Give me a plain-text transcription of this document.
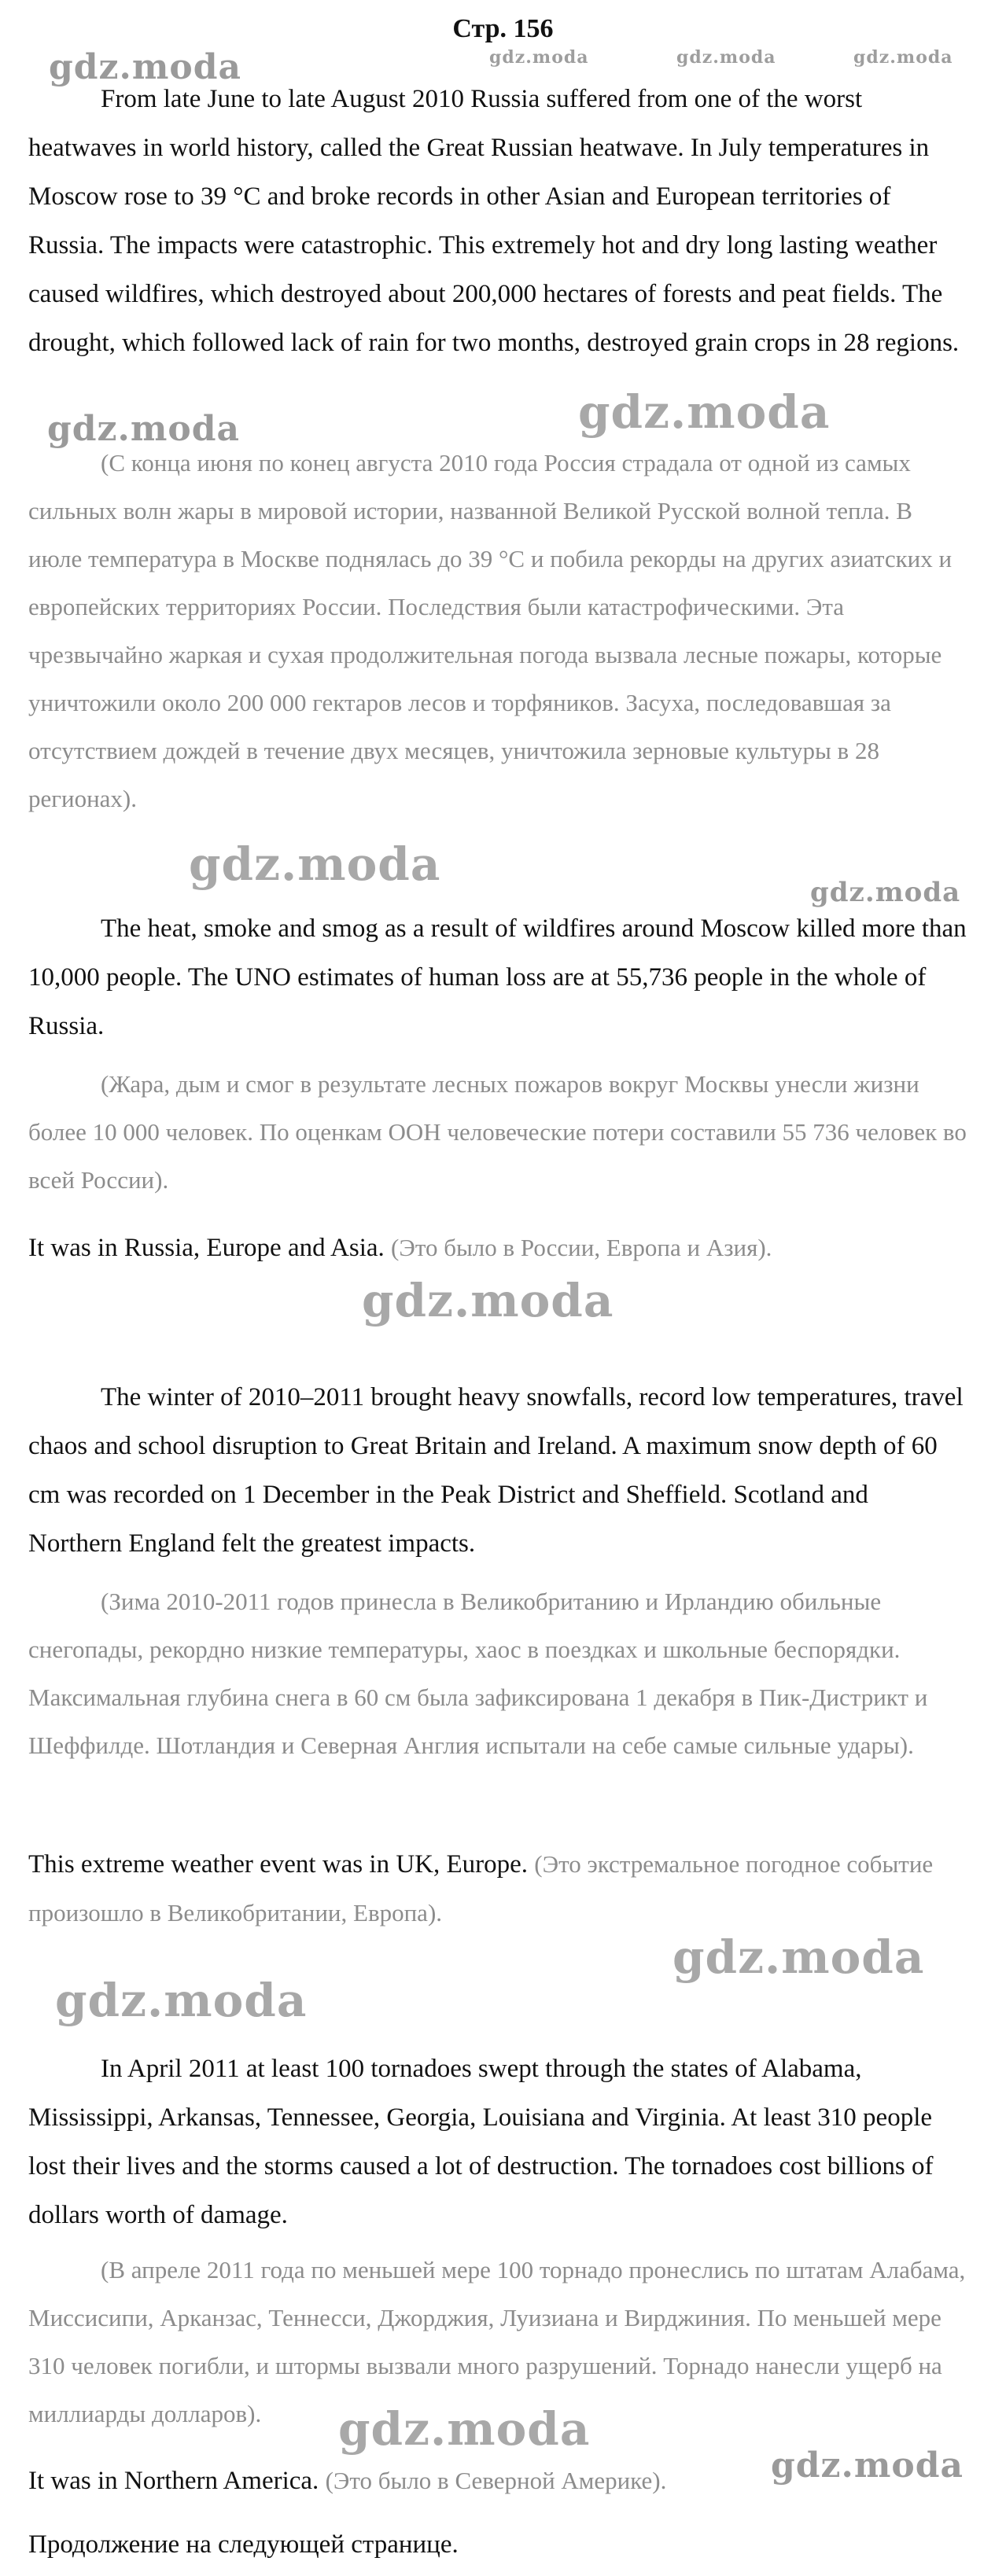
Стр. 156
gdz.moda	gdz.moda	gdz.moda	gdz.moda
gdz.moda
gdz.moda
gdz.moda
gdz.moda
gdz.moda
gdz.moda
gdz.moda
gdz.moda
gdz.moda

From late June to late August 2010 Russia suffered from one of the worst heatwaves in world history, called the Great Russian heatwave. In July temperatures in Moscow rose to 39 °C and broke records in other Asian and European territories of Russia. The impacts were catastrophic. This extremely hot and dry long lasting weather caused wildfires, which destroyed about 200,000 hectares of forests and peat fields. The drought, which followed lack of rain for two months, destroyed grain crops in 28 regions.

(С конца июня по конец августа 2010 года Россия страдала от одной из самых сильных волн жары в мировой истории, названной Великой Русской волной тепла. В июле температура в Москве поднялась до 39 °С и побила рекорды на других азиатских и европейских территориях России. Последствия были катастрофическими. Эта чрезвычайно жаркая и сухая продолжительная погода вызвала лесные пожары, которые уничтожили около 200 000 гектаров лесов и торфяников. Засуха, последовавшая за отсутствием дождей в течение двух месяцев, уничтожила зерновые культуры в 28 регионах).

The heat, smoke and smog as a result of wildfires around Moscow killed more than 10,000 people. The UNO estimates of human loss are at 55,736 people in the whole of Russia.

(Жара, дым и смог в результате лесных пожаров вокруг Москвы унесли жизни более 10 000 человек. По оценкам ООН человеческие потери составили 55 736 человек во всей России).

It was in Russia, Europe and Asia. (Это было в России, Европа и Азия).

The winter of 2010–2011 brought heavy snowfalls, record low temperatures, travel chaos and school disruption to Great Britain and Ireland. A maximum snow depth of 60 cm was recorded on 1 December in the Peak District and Sheffield. Scotland and Northern England felt the greatest impacts.

(Зима 2010-2011 годов принесла в Великобританию и Ирландию обильные снегопады, рекордно низкие температуры, хаос в поездках и школьные беспорядки. Максимальная глубина снега в 60 см была зафиксирована 1 декабря в Пик-Дистрикт и Шеффилде. Шотландия и Северная Англия испытали на себе самые сильные удары).

This extreme weather event was in UK, Europe. (Это экстремальное погодное событие произошло в Великобритании, Европа).

In April 2011 at least 100 tornadoes swept through the states of Alabama, Mississippi, Arkansas, Tennessee, Georgia, Louisiana and Virginia. At least 310 people lost their lives and the storms caused a lot of destruction. The tornadoes cost billions of dollars worth of damage.

(В апреле 2011 года по меньшей мере 100 торнадо пронеслись по штатам Алабама, Миссисипи, Арканзас, Теннесси, Джорджия, Луизиана и Вирджиния. По меньшей мере 310 человек погибли, и штормы вызвали много разрушений. Торнадо нанесли ущерб на миллиарды долларов).

It was in Northern America. (Это было в Северной Америке).

Продолжение на следующей странице.
